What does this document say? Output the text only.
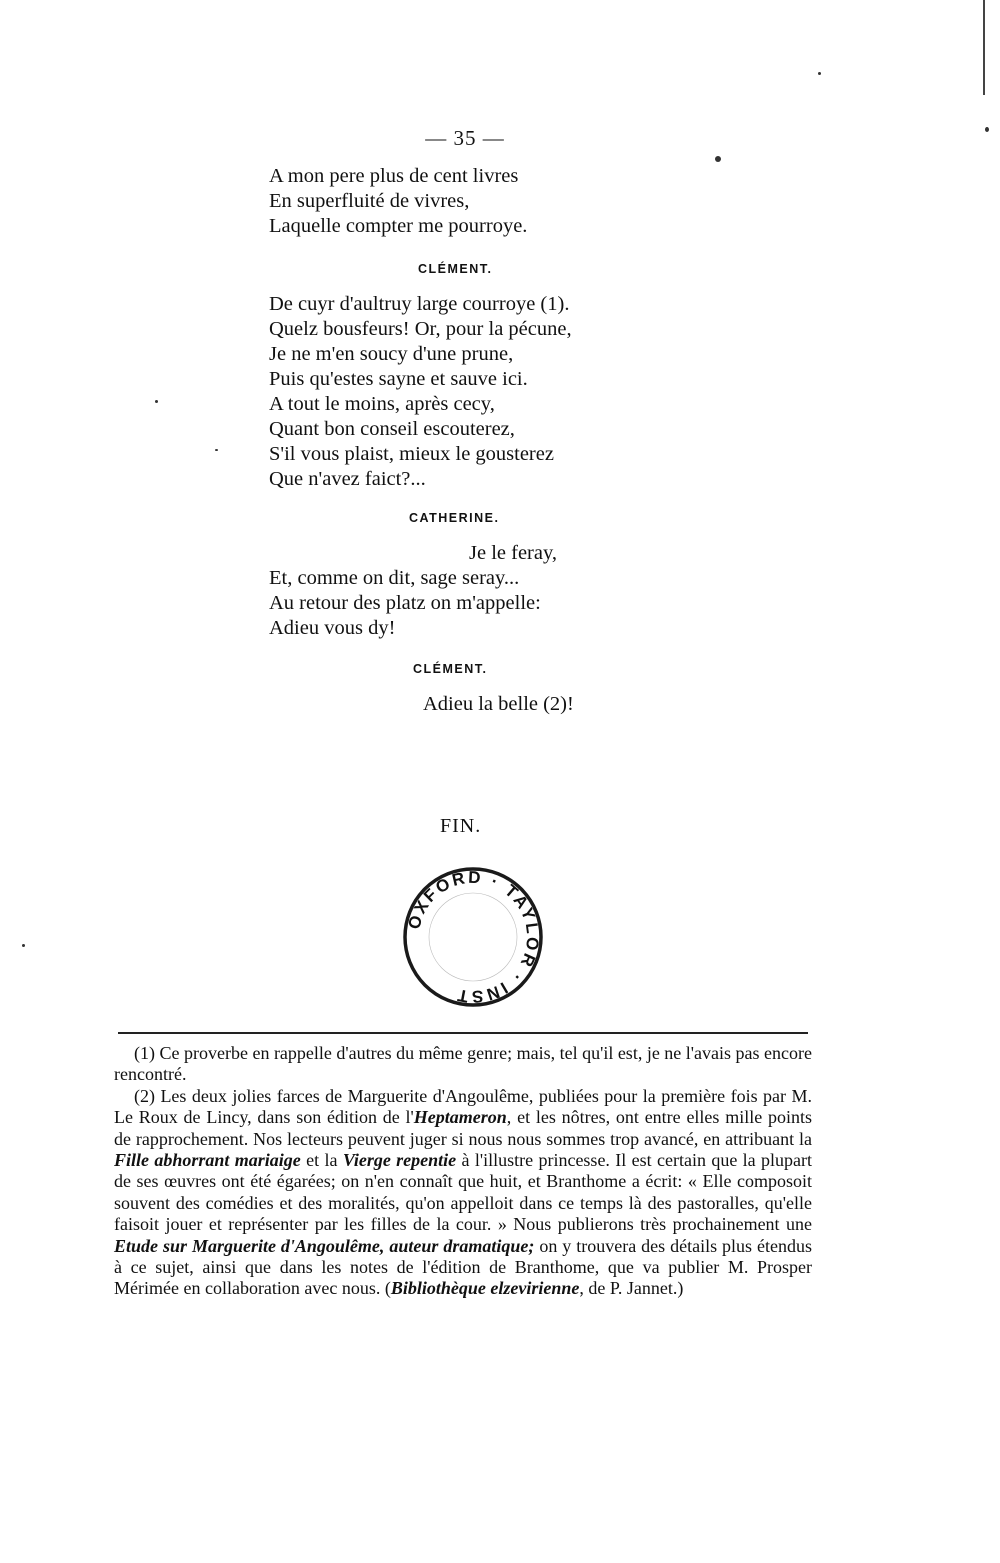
— 35 —
A mon pere plus de cent livres
En superfluité de vivres,
Laquelle compter me pourroye.
CLÉMENT.
De cuyr d'aultruy large courroye (1).
Quelz bousfeurs! Or, pour la pécune,
Je ne m'en soucy d'une prune,
Puis qu'estes sayne et sauve ici.
A tout le moins, après cecy,
Quant bon conseil escouterez,
S'il vous plaist, mieux le gousterez
Que n'avez faict?...
CATHERINE.
Je le feray,
Et, comme on dit, sage seray...
Au retour des platz on m'appelle:
Adieu vous dy!
CLÉMENT.
Adieu la belle (2)!
FIN.
OXFORD · TAYLOR · INST

(1) Ce proverbe en rappelle d'autres du même genre; mais, tel qu'il est, je ne l'avais pas encore rencontré.

(2) Les deux jolies farces de Marguerite d'Angoulême, publiées pour la première fois par M. Le Roux de Lincy, dans son édition de l'Heptameron, et les nôtres, ont entre elles mille points de rapprochement. Nos lecteurs peuvent juger si nous nous sommes trop avancé, en attribuant la Fille abhorrant mariaige et la Vierge repentie à l'illustre princesse. Il est certain que la plupart de ses œuvres ont été égarées; on n'en connaît que huit, et Branthome a écrit: « Elle composoit souvent des comédies et des moralités, qu'on appelloit dans ce temps là des pastoralles, qu'elle faisoit jouer et représenter par les filles de la cour. » Nous publierons très prochainement une Etude sur Marguerite d'Angoulême, auteur dramatique; on y trouvera des détails plus étendus à ce sujet, ainsi que dans les notes de l'édition de Branthome, que va publier M. Prosper Mérimée en collaboration avec nous. (Bibliothèque elzevirienne, de P. Jannet.)
